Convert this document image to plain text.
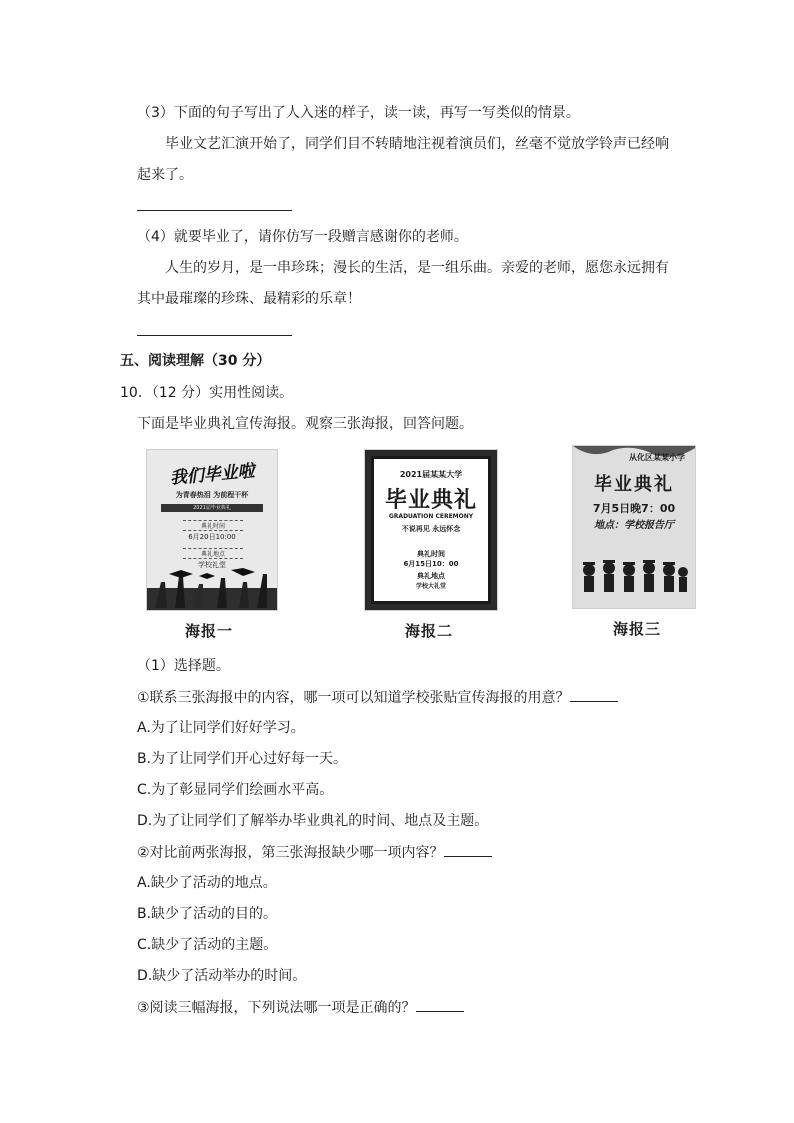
（3）下面的句子写出了人入迷的样子，读一读，再写一写类似的情景。
毕业文艺汇演开始了，同学们目不转睛地注视着演员们，丝毫不觉放学铃声已经响
起来了。
（4）就要毕业了，请你仿写一段赠言感谢你的老师。
人生的岁月，是一串珍珠；漫长的生活，是一组乐曲。亲爱的老师，愿您永远拥有
其中最璀璨的珍珠、最精彩的乐章！
五、阅读理解（30 分）
10．（12 分）实用性阅读。
下面是毕业典礼宣传海报。观察三张海报，回答问题。
我们毕业啦
为青春热泪 为前程干杯
2021届毕业典礼
典礼时间
6月20日10:00
典礼地点
学校礼堂
海报一
2021届某某大学
毕业典礼
GRADUATION CEREMONY
不说再见 永远怀念
典礼时间
6月15日10：00
典礼地点
学校大礼堂
海报二
从化区某某小学
毕业典礼
7月5日晚7：00
地点：学校报告厅
海报三
（1）选择题。
①联系三张海报中的内容，哪一项可以知道学校张贴宣传海报的用意？
A.为了让同学们好好学习。
B.为了让同学们开心过好每一天。
C.为了彰显同学们绘画水平高。
D.为了让同学们了解举办毕业典礼的时间、地点及主题。
②对比前两张海报，第三张海报缺少哪一项内容？
A.缺少了活动的地点。
B.缺少了活动的目的。
C.缺少了活动的主题。
D.缺少了活动举办的时间。
③阅读三幅海报，下列说法哪一项是正确的？
